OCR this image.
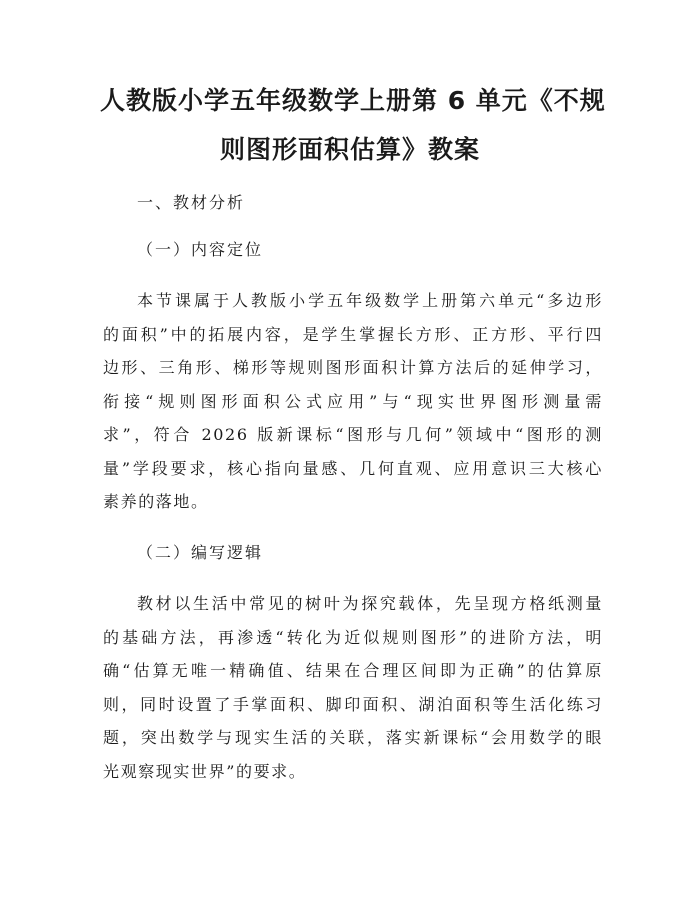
人教版小学五年级数学上册第 6 单元《不规
则图形面积估算》教案

一、教材分析

（一）内容定位

本节课属于人教版小学五年级数学上册第六单元“多边形
的面积”中的拓展内容，是学生掌握长方形、正方形、平行四
边形、三角形、梯形等规则图形面积计算方法后的延伸学习，
衔接“规则图形面积公式应用”与“现实世界图形测量需
求”，符合 2026 版新课标“图形与几何”领域中“图形的测
量”学段要求，核心指向量感、几何直观、应用意识三大核心
素养的落地。

（二）编写逻辑

教材以生活中常见的树叶为探究载体，先呈现方格纸测量
的基础方法，再渗透“转化为近似规则图形”的进阶方法，明
确“估算无唯一精确值、结果在合理区间即为正确”的估算原
则，同时设置了手掌面积、脚印面积、湖泊面积等生活化练习
题，突出数学与现实生活的关联，落实新课标“会用数学的眼
光观察现实世界”的要求。
